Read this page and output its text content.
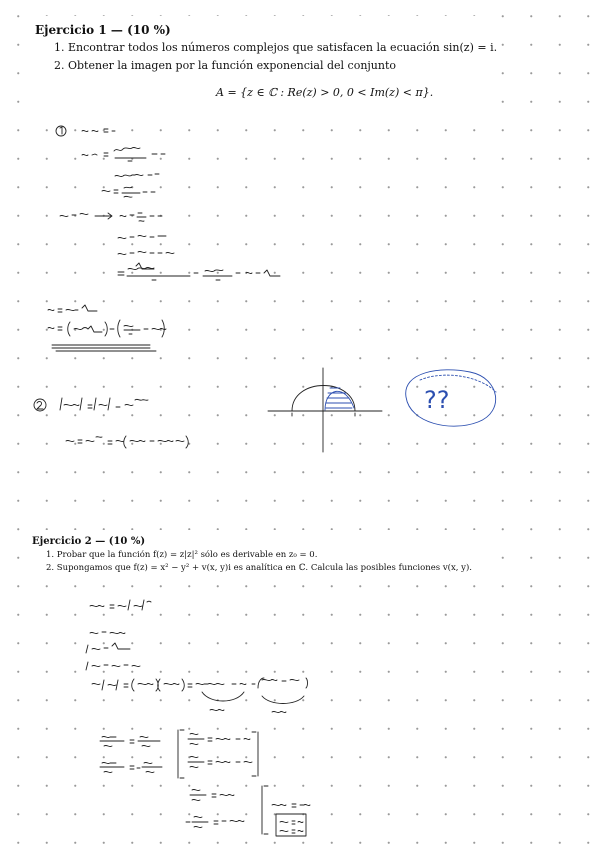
Ejercicio 1 — (10 %)
1. Encontrar todos los números complejos que satisfacen la ecuación sin(z) = i.
2. Obtener la imagen por la función exponencial del conjunto
A = {z ∈ ℂ : Re(z) > 0, 0 < Im(z) < π}.
Ejercicio 2 — (10 %)
1. Probar que la función f(z) = z|z|² sólo es derivable en z₀ = 0.
2. Supongamos que f(z) = x² − y² + v(x, y)i es analítica en ℂ. Calcula las posibles funciones v(x, y).
??
